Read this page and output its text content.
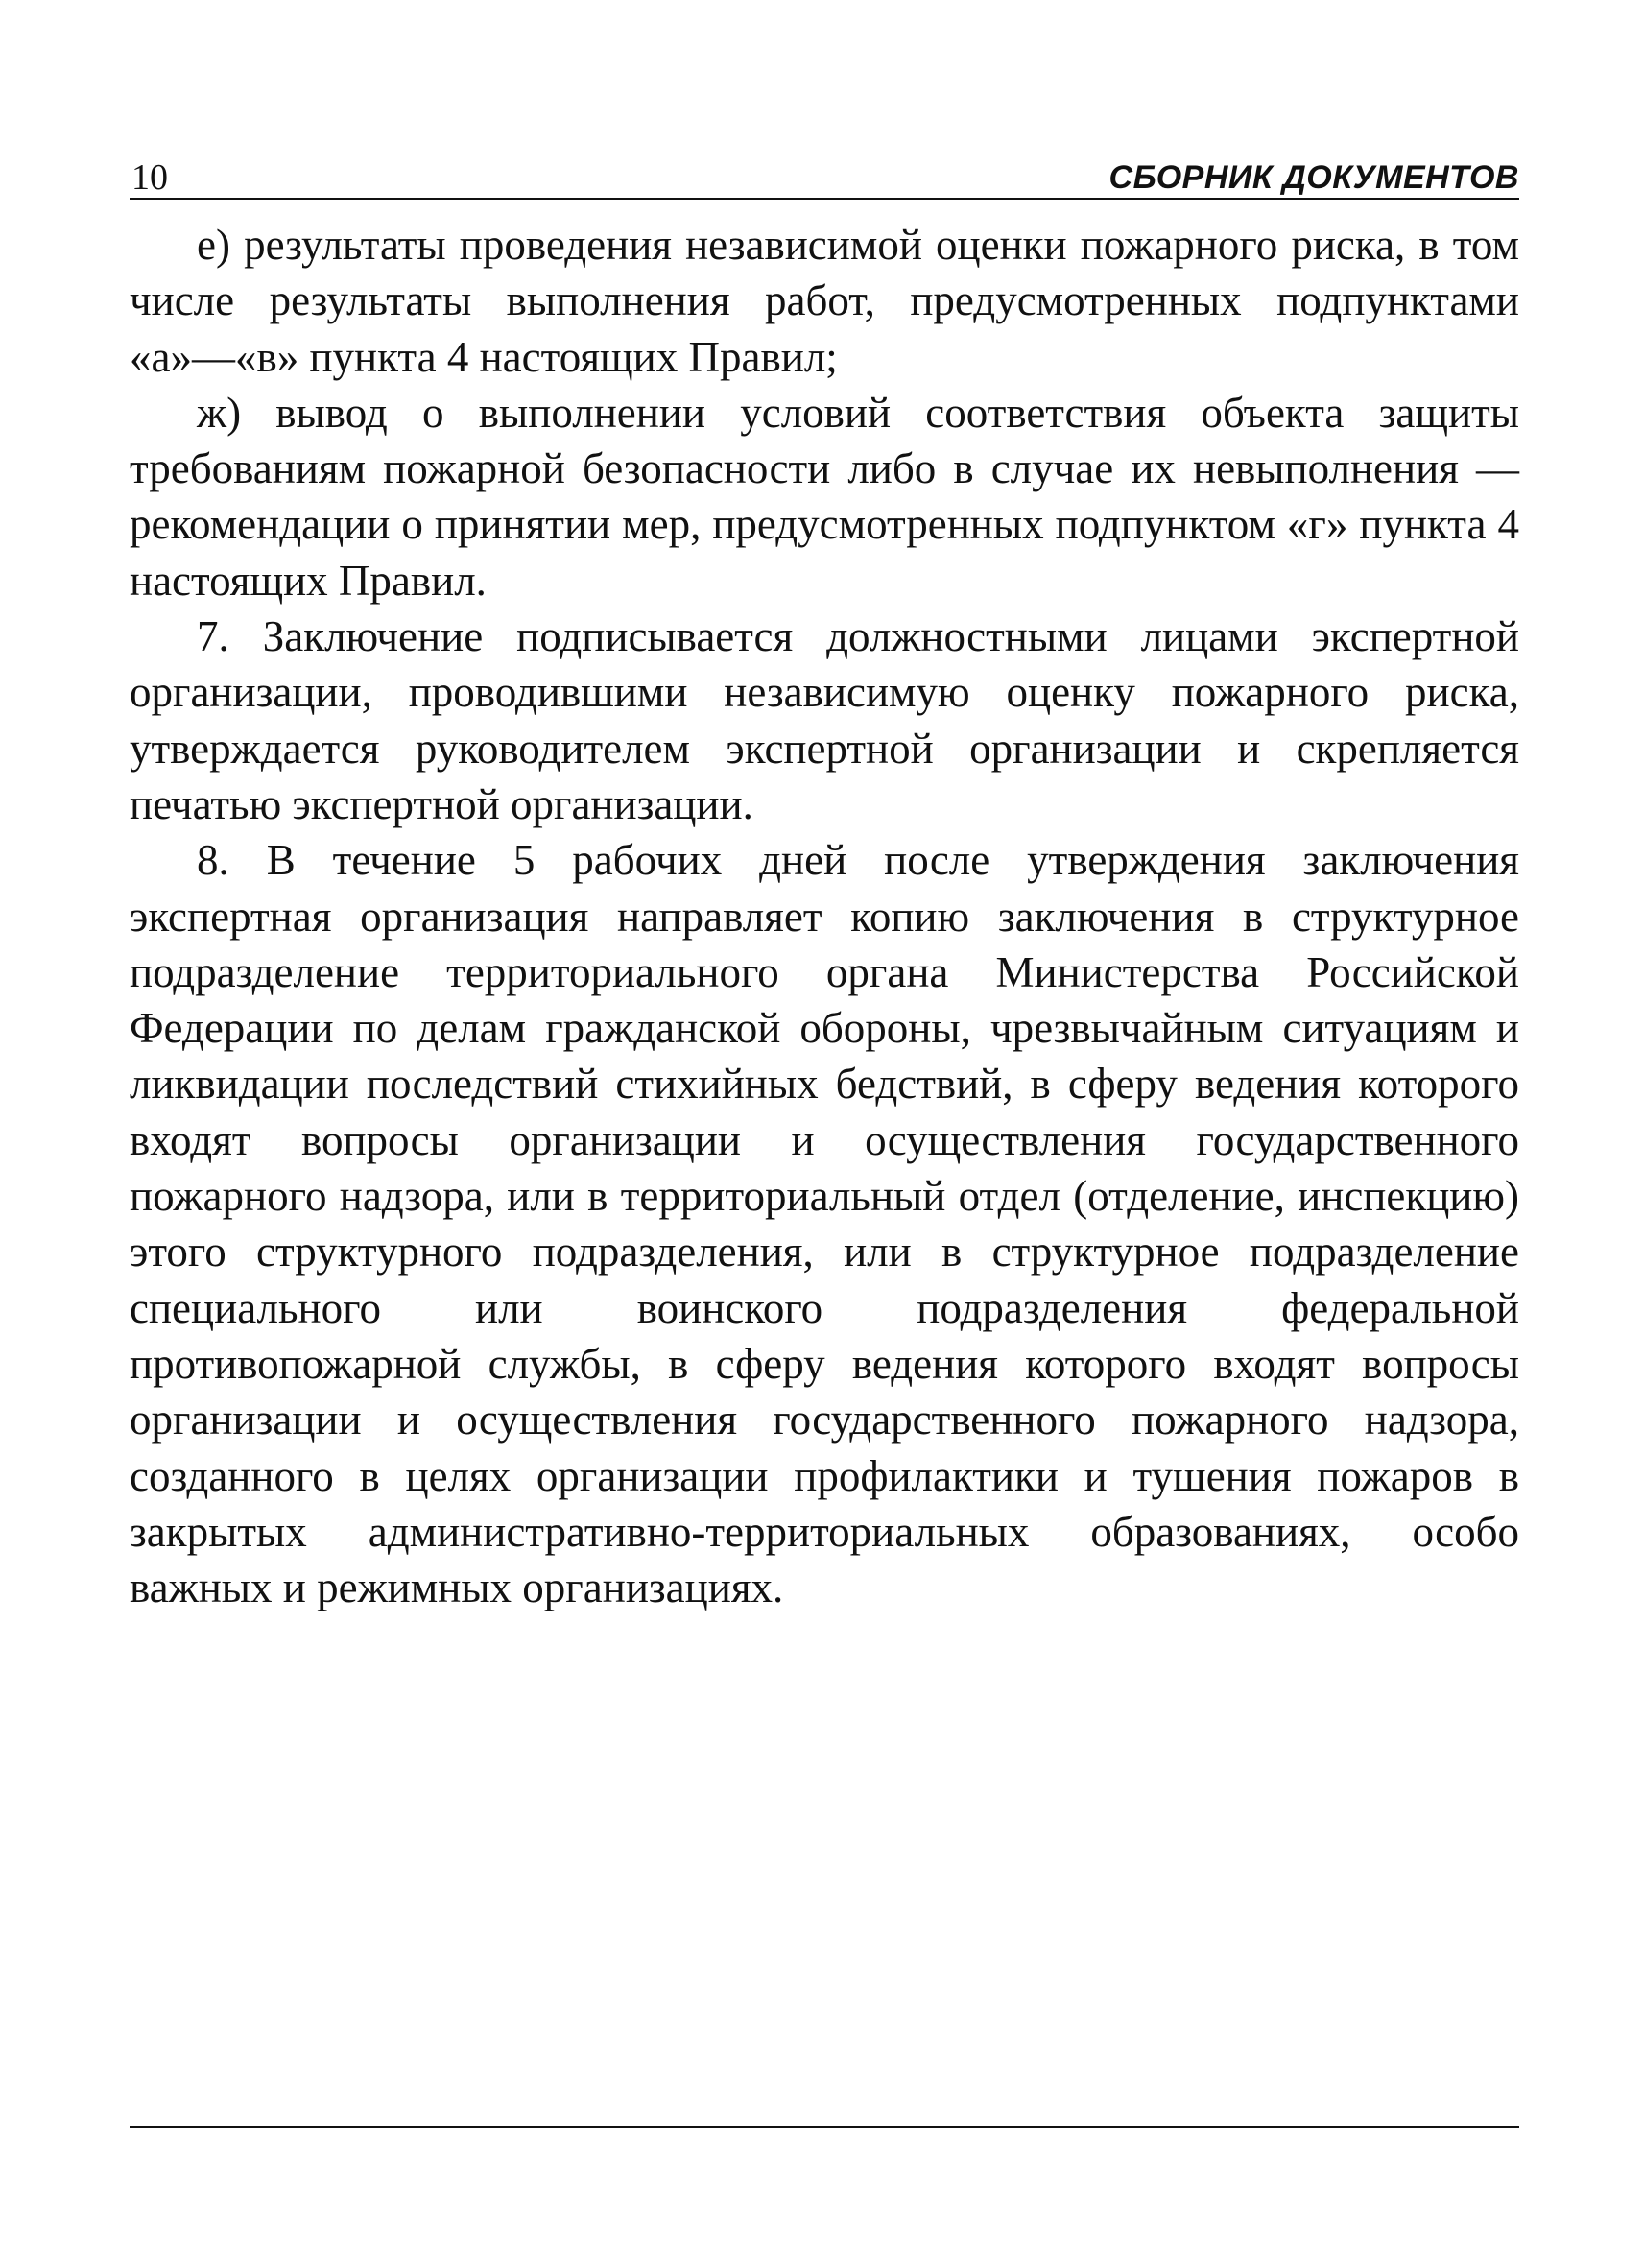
10	СБОРНИК ДОКУМЕНТОВ

е) результаты проведения независимой оценки пожарного риска, в том числе результаты выполнения работ, предусмотренных подпунктами «а»—«в» пункта 4 настоящих Правил;

ж) вывод о выполнении условий соответствия объекта защиты требованиям пожарной безопасности либо в случае их невыполнения — рекомендации о принятии мер, предусмотренных подпунктом «г» пункта 4 настоящих Правил.

7. Заключение подписывается должностными лицами экспертной организации, проводившими независимую оценку пожарного риска, утверждается руководителем экспертной организации и скрепляется печатью экспертной организации.

8. В течение 5 рабочих дней после утверждения заключения экспертная организация направляет копию заключения в структурное подразделение территориального органа Министерства Российской Федерации по делам гражданской обороны, чрезвычайным ситуациям и ликвидации последствий стихийных бедствий, в сферу ведения которого входят вопросы организации и осуществления государственного пожарного надзора, или в территориальный отдел (отделение, инспекцию) этого структурного подразделения, или в структурное подразделение специального или воинского подразделения федеральной противопожарной службы, в сферу ведения которого входят вопросы организации и осуществления государственного пожарного надзора, созданного в целях организации профилактики и тушения пожаров в закрытых административно-территориальных образованиях, особо важных и режимных организациях.
